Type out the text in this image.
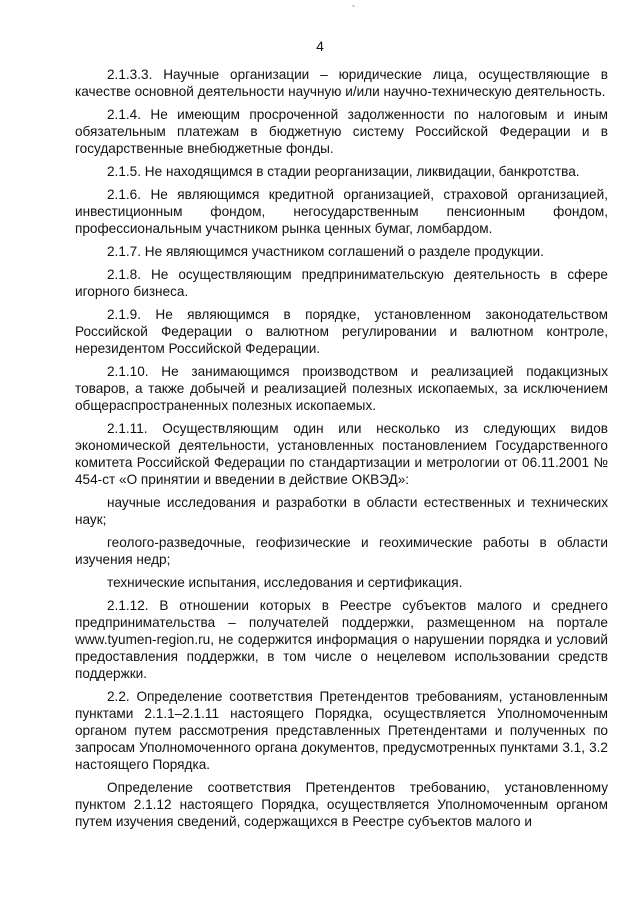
ˇ
4

2.1.3.3. Научные организации – юридические лица, осуществляющие в качестве основной деятельности научную и/или научно-техническую деятельность.

2.1.4. Не имеющим просроченной задолженности по налоговым и иным обязательным платежам в бюджетную систему Российской Федерации и в государственные внебюджетные фонды.

2.1.5. Не находящимся в стадии реорганизации, ликвидации, банкротства.

2.1.6. Не являющимся кредитной организацией, страховой организацией, инвестиционным фондом, негосударственным пенсионным фондом, профессиональным участником рынка ценных бумаг, ломбардом.

2.1.7. Не являющимся участником соглашений о разделе продукции.

2.1.8. Не осуществляющим предпринимательскую деятельность в сфере игорного бизнеса.

2.1.9. Не являющимся в порядке, установленном законодательством Российской Федерации о валютном регулировании и валютном контроле, нерезидентом Российской Федерации.

2.1.10. Не занимающимся производством и реализацией подакцизных товаров, а также добычей и реализацией полезных ископаемых, за исключением общераспространенных полезных ископаемых.

2.1.11. Осуществляющим один или несколько из следующих видов экономической деятельности, установленных постановлением Государственного комитета Российской Федерации по стандартизации и метрологии от 06.11.2001 № 454-ст «О принятии и введении в действие ОКВЭД»:

научные исследования и разработки в области естественных и технических наук;

геолого-разведочные, геофизические и геохимические работы в области изучения недр;

технические испытания, исследования и сертификация.

2.1.12. В отношении которых в Реестре субъектов малого и среднего предпринимательства – получателей поддержки, размещенном на портале www.tyumen-region.ru, не содержится информация о нарушении порядка и условий предоставления поддержки, в том числе о нецелевом использовании средств поддержки.

2.2. Определение соответствия Претендентов требованиям, установленным пунктами 2.1.1–2.1.11 настоящего Порядка, осуществляется Уполномоченным органом путем рассмотрения представленных Претендентами и полученных по запросам Уполномоченного органа документов, предусмотренных пунктами 3.1, 3.2 настоящего Порядка.

Определение соответствия Претендентов требованию, установленному пунктом 2.1.12 настоящего Порядка, осуществляется Уполномоченным органом путем изучения сведений, содержащихся в Реестре субъектов малого и
